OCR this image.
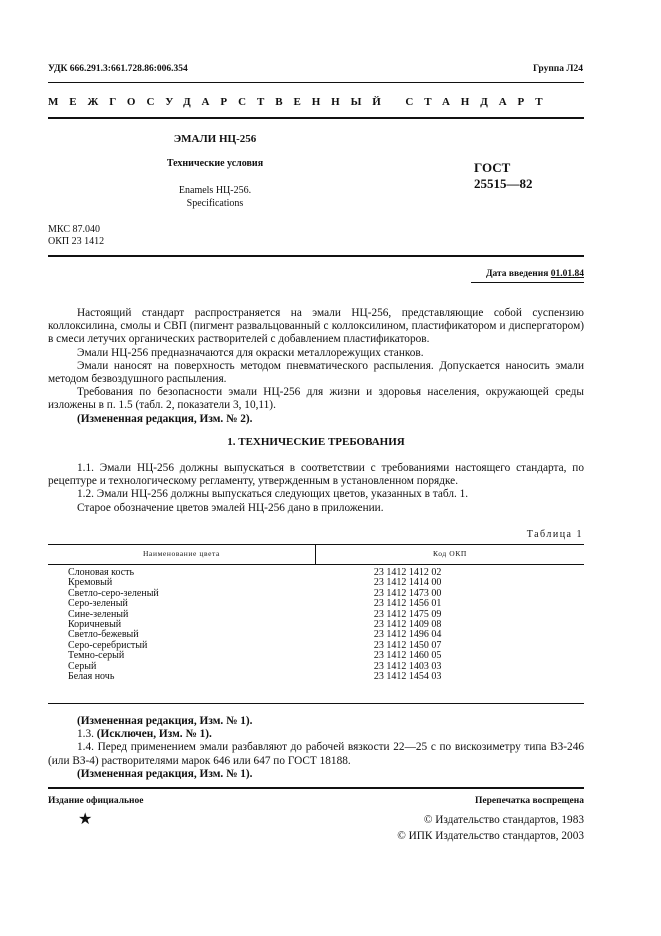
УДК 666.291.3:661.728.86:006.354	Группа Л24
МЕЖГОСУДАРСТВЕННЫЙ СТАНДАРТ
ЭМАЛИ НЦ-256
Технические условия
Enamels НЦ-256.
Specifications
ГОСТ
25515—82
МКС 87.040
ОКП 23 1412
Дата введения 01.01.84

Настоящий стандарт распространяется на эмали НЦ-256, представляющие собой суспензию коллоксилина, смолы и СВП (пигмент развальцованный с коллоксилином, пластификатором и диспергатором) в смеси летучих органических растворителей с добавлением пластификаторов.

Эмали НЦ-256 предназначаются для окраски металлорежущих станков.

Эмали наносят на поверхность методом пневматического распыления. Допускается наносить эмали методом безвоздушного распыления.

Требования по безопасности эмали НЦ-256 для жизни и здоровья населения, окружающей среды изложены в п. 1.5 (табл. 2, показатели 3, 10,11).

(Измененная редакция, Изм. № 2).

1. ТЕХНИЧЕСКИЕ ТРЕБОВАНИЯ

1.1. Эмали НЦ-256 должны выпускаться в соответствии с требованиями настоящего стандарта, по рецептуре и технологическому регламенту, утвержденным в установленном порядке.

1.2. Эмали НЦ-256 должны выпускаться следующих цветов, указанных в табл. 1.

Старое обозначение цветов эмалей НЦ-256 дано в приложении.

Таблица 1
Наименование цвета	Код ОКП
Слоновая кость	23 1412 1412 02
Кремовый	23 1412 1414 00
Светло-серо-зеленый	23 1412 1473 00
Серо-зеленый	23 1412 1456 01
Сине-зеленый	23 1412 1475 09
Коричневый	23 1412 1409 08
Светло-бежевый	23 1412 1496 04
Серо-серебристый	23 1412 1450 07
Темно-серый	23 1412 1460 05
Серый	23 1412 1403 03
Белая ночь	23 1412 1454 03

(Измененная редакция, Изм. № 1).

1.3. (Исключен, Изм. № 1).

1.4. Перед применением эмали разбавляют до рабочей вязкости 22—25 с по вискозиметру типа ВЗ-246 (или ВЗ-4) растворителями марок 646 или 647 по ГОСТ 18188.

(Измененная редакция, Изм. № 1).

Издание официальное	Перепечатка воспрещена
★	© Издательство стандартов, 1983
© ИПК Издательство стандартов, 2003
